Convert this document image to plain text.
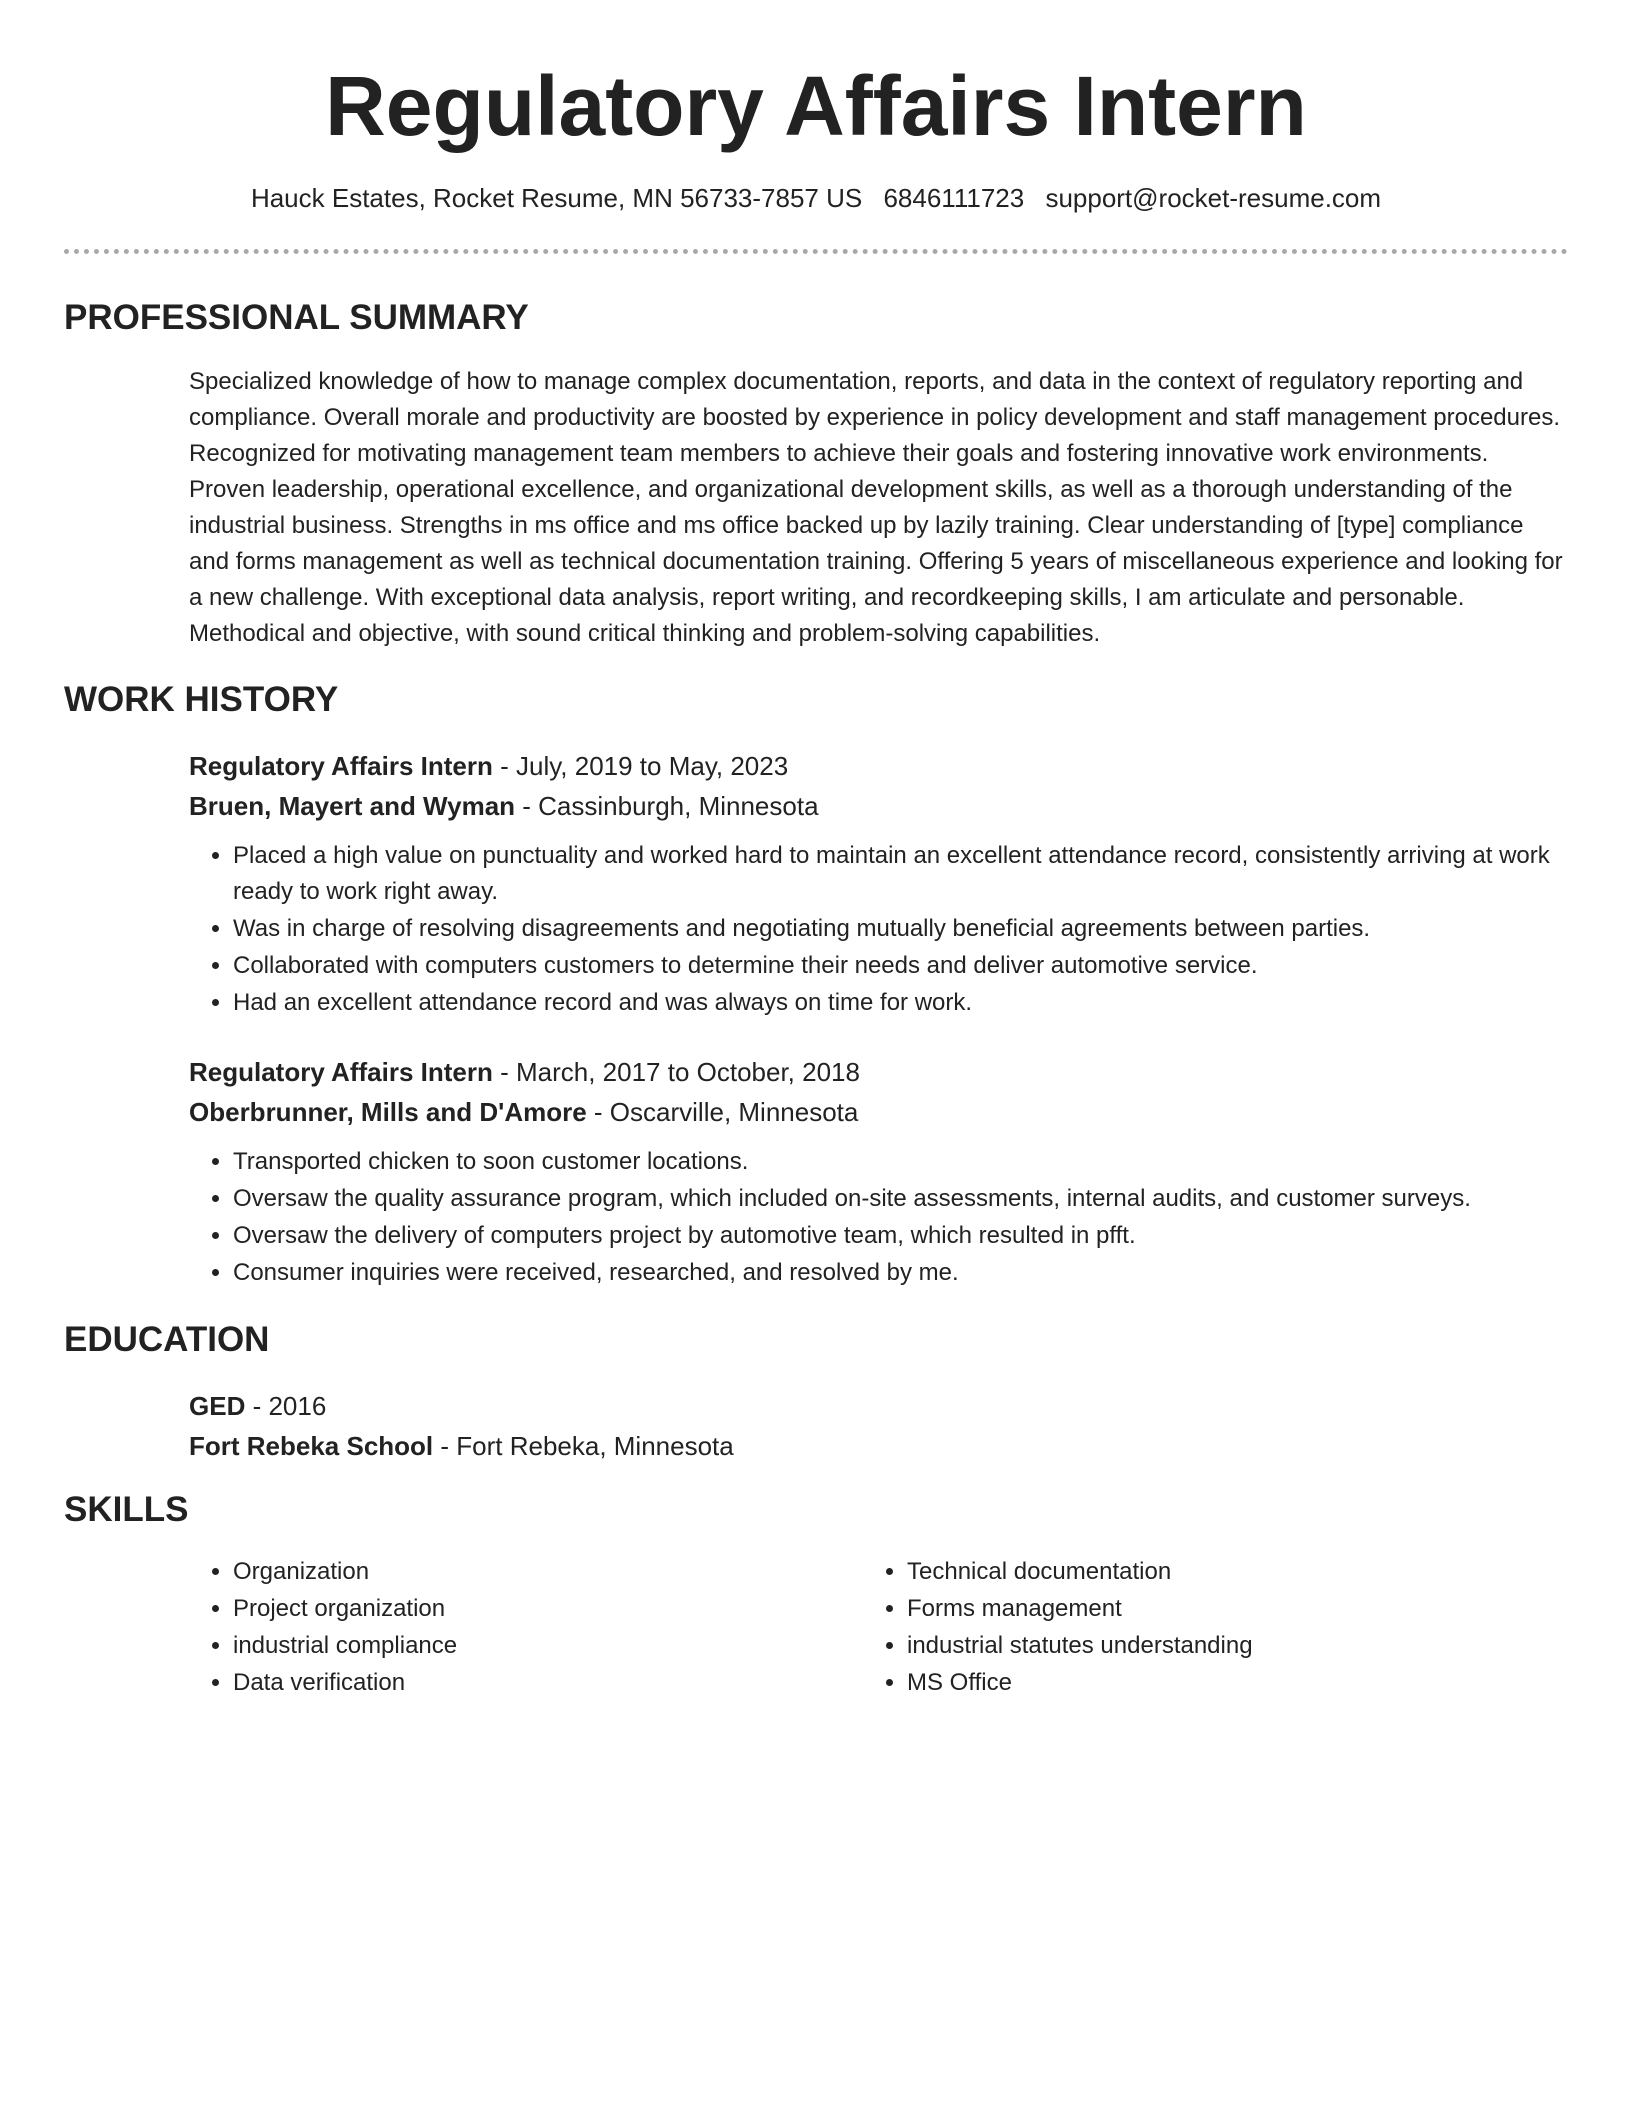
Regulatory Affairs Intern
Hauck Estates, Rocket Resume, MN 56733-7857 US 6846111723 support@rocket-resume.com
PROFESSIONAL SUMMARY

Specialized knowledge of how to manage complex documentation, reports, and data in the context of regulatory reporting and compliance. Overall morale and productivity are boosted by experience in policy development and staff management procedures. Recognized for motivating management team members to achieve their goals and fostering innovative work environments. Proven leadership, operational excellence, and organizational development skills, as well as a thorough understanding of the industrial business. Strengths in ms office and ms office backed up by lazily training. Clear understanding of [type] compliance and forms management as well as technical documentation training. Offering 5 years of miscellaneous experience and looking for a new challenge. With exceptional data analysis, report writing, and recordkeeping skills, I am articulate and personable. Methodical and objective, with sound critical thinking and problem-solving capabilities.

WORK HISTORY

Regulatory Affairs Intern - July, 2019 to May, 2023

Bruen, Mayert and Wyman - Cassinburgh, Minnesota

• Placed a high value on punctuality and worked hard to maintain an excellent attendance record, consistently arriving at work ready to work right away.
• Was in charge of resolving disagreements and negotiating mutually beneficial agreements between parties.
• Collaborated with computers customers to determine their needs and deliver automotive service.
• Had an excellent attendance record and was always on time for work.

Regulatory Affairs Intern - March, 2017 to October, 2018

Oberbrunner, Mills and D'Amore - Oscarville, Minnesota

• Transported chicken to soon customer locations.
• Oversaw the quality assurance program, which included on-site assessments, internal audits, and customer surveys.
• Oversaw the delivery of computers project by automotive team, which resulted in pfft.
• Consumer inquiries were received, researched, and resolved by me.
EDUCATION

GED - 2016

Fort Rebeka School - Fort Rebeka, Minnesota

SKILLS
• Organization
• Project organization
• industrial compliance
• Data verification
• Technical documentation
• Forms management
• industrial statutes understanding
• MS Office
